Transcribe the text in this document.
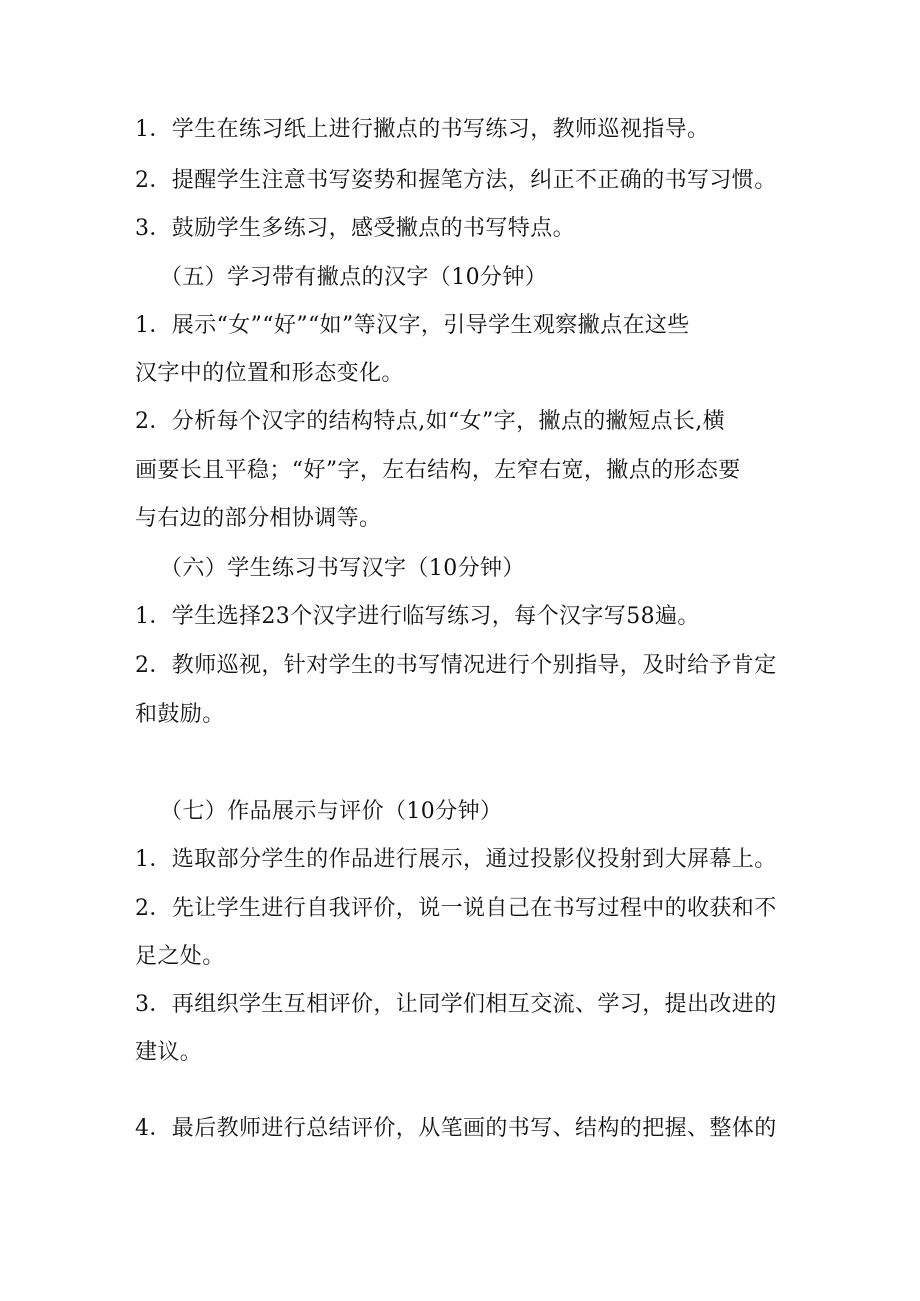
1．学生在练习纸上进行撇点的书写练习，教师巡视指导。
2．提醒学生注意书写姿势和握笔方法，纠正不正确的书写习惯。
3．鼓励学生多练习，感受撇点的书写特点。
（五）学习带有撇点的汉字（10分钟）
1．展示“女”“好”“如”等汉字，引导学生观察撇点在这些
汉字中的位置和形态变化。
2．分析每个汉字的结构特点,如“女”字，撇点的撇短点长,横
画要长且平稳；“好”字，左右结构，左窄右宽，撇点的形态要
与右边的部分相协调等。
（六）学生练习书写汉字（10分钟）
1．学生选择23个汉字进行临写练习，每个汉字写58遍。
2．教师巡视，针对学生的书写情况进行个别指导，及时给予肯定
和鼓励。
（七）作品展示与评价（10分钟）
1．选取部分学生的作品进行展示，通过投影仪投射到大屏幕上。
2．先让学生进行自我评价，说一说自己在书写过程中的收获和不
足之处。
3．再组织学生互相评价，让同学们相互交流、学习，提出改进的
建议。
4．最后教师进行总结评价，从笔画的书写、结构的把握、整体的
